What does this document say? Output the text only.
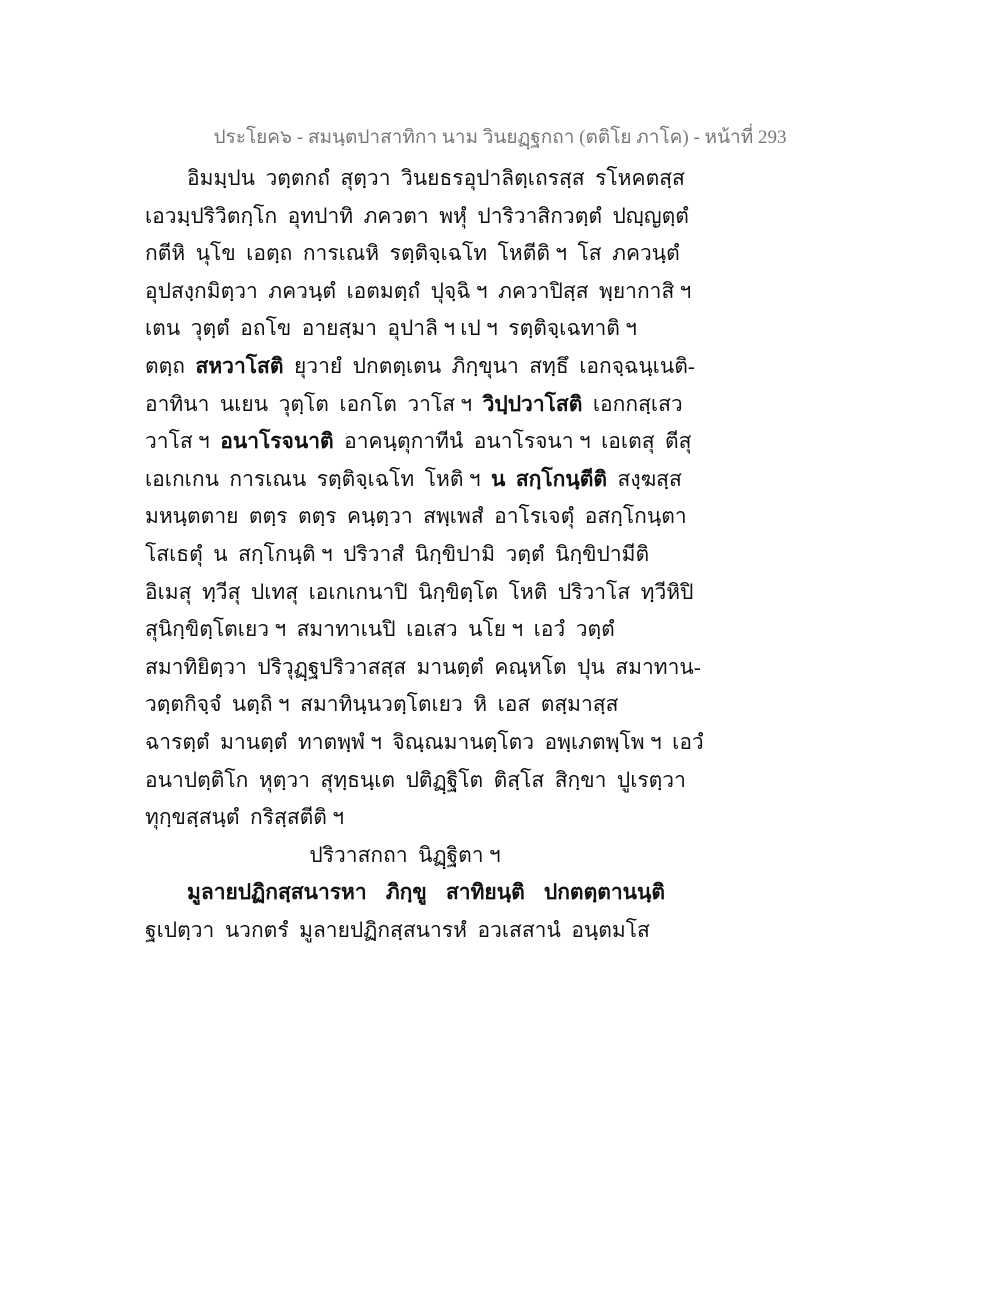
ประโยค๖ - สมนฺตปาสาทิกา นาม วินยฏฺฐกถา (ตติโย ภาโค) - หน้าที่ 293
อิมมฺปน วตฺตกถํ สุตฺวา วินยธรอุปาลิตฺเถรสฺส รโหคตสฺส
เอวมฺปริวิตกฺโก อุทปาทิ ภควตา พหุํ ปาริวาสิกวตฺตํ ปญฺญตฺตํ
กตีหิ นุโข เอตฺถ การเณหิ รตฺติจฺเฉโท โหตีติ ฯ โส ภควนฺตํ
อุปสงฺกมิตฺวา ภควนฺตํ เอตมตฺถํ ปุจฺฉิ ฯ ภควาปิสฺส พฺยากาสิ ฯ
เตน วุตฺตํ อถโข อายสฺมา อุปาลิ ฯ เป ฯ รตฺติจฺเฉทาติ ฯ
ตตฺถ สหวาโสติ ยุวายํ ปกตตฺเตน ภิกฺขุนา สทฺธึ เอกจฺฉนฺเนติ-
อาทินา นเยน วุตฺโต เอกโต วาโส ฯ วิปฺปวาโสติ เอกกสฺเสว
วาโส ฯ อนาโรจนาติ อาคนฺตุกาทีนํ อนาโรจนา ฯ เอเตสุ ตีสุ
เอเกเกน การเณน รตฺติจฺเฉโท โหติ ฯ น สกฺโกนฺตีติ สงฺฆสฺส
มหนฺตตาย ตตฺร ตตฺร คนฺตฺวา สพฺเพสํ อาโรเจตุํ อสกฺโกนฺตา
โสเธตุํ น สกฺโกนฺติ ฯ ปริวาสํ นิกฺขิปามิ วตฺตํ นิกฺขิปามีติ
อิเมสุ ทฺวีสุ ปเทสุ เอเกเกนาปิ นิกฺขิตฺโต โหติ ปริวาโส ทฺวีหิปิ
สุนิกฺขิตฺโตเยว ฯ สมาทาเนปิ เอเสว นโย ฯ เอวํ วตฺตํ
สมาทิยิตฺวา ปริวุฏฺฐปริวาสสฺส มานตฺตํ คณฺหโต ปุน สมาทาน-
วตฺตกิจฺจํ นตฺถิ ฯ สมาทินฺนวตฺโตเยว หิ เอส ตสฺมาสฺส
ฉารตฺตํ มานตฺตํ ทาตพฺพํ ฯ จิณฺณมานตฺโตว อพฺเภตพฺโพ ฯ เอวํ
อนาปตฺติโก หุตฺวา สุทฺธนฺเต ปติฏฺฐิโต ติสฺโส สิกฺขา ปูเรตฺวา
ทุกฺขสฺสนฺตํ กริสฺสตีติ ฯ
ปริวาสกถา นิฏฺฐิตา ฯ
มูลายปฏิกสฺสนารหา ภิกฺขู สาทิยนฺติ ปกตตฺตานนฺติ
ฐเปตฺวา นวกตรํ มูลายปฏิกสฺสนารหํ อวเสสานํ อนฺตมโส
